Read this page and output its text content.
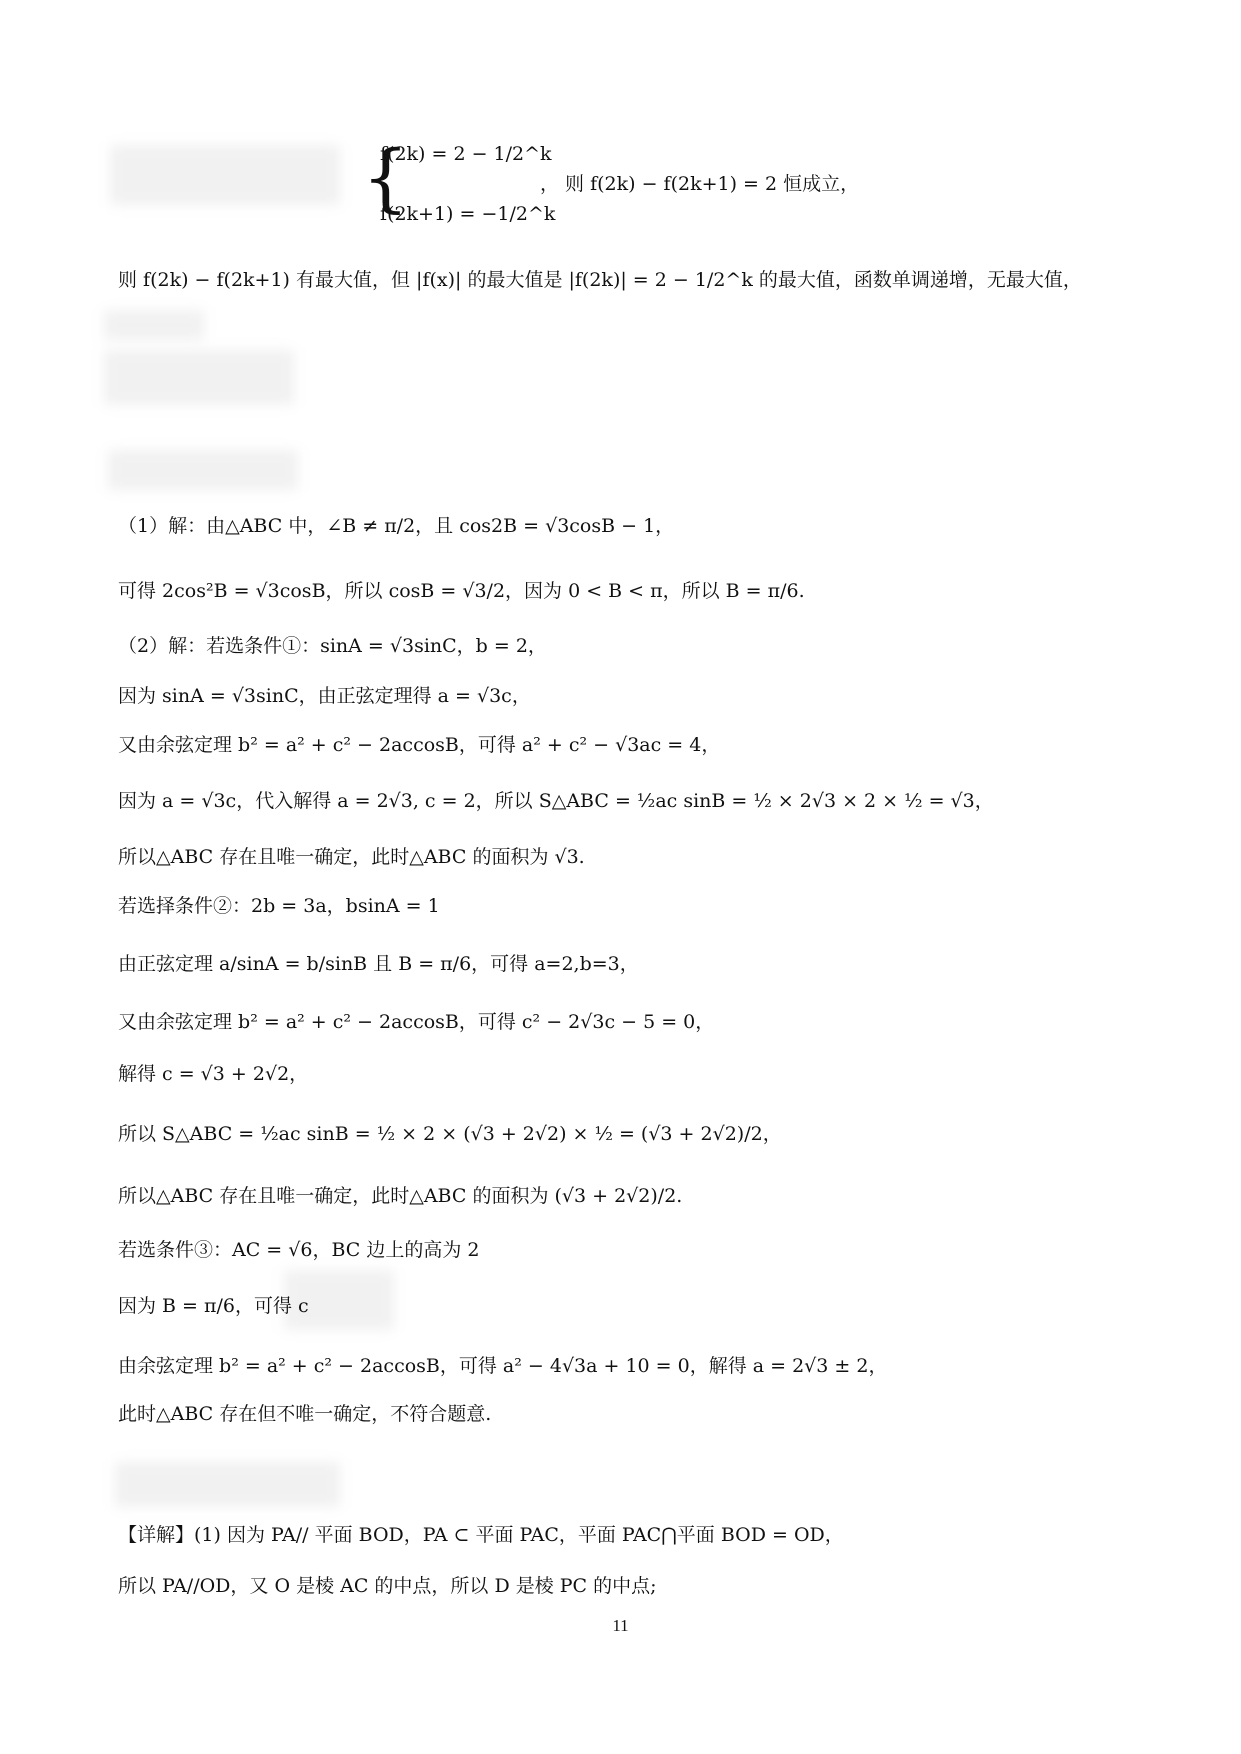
{
f(2k) = 2 − 1/2^k
f(2k+1) = −1/2^k
， 则 f(2k) − f(2k+1) = 2 恒成立，
则 f(2k) − f(2k+1) 有最大值，但 |f(x)| 的最大值是 |f(2k)| = 2 − 1/2^k 的最大值，函数单调递增，无最大值，
（1）解：由△ABC 中，∠B ≠ π/2，且 cos2B = √3cosB − 1，
可得 2cos²B = √3cosB，所以 cosB = √3/2，因为 0 < B < π，所以 B = π/6.
（2）解：若选条件①：sinA = √3sinC，b = 2，
因为 sinA = √3sinC，由正弦定理得 a = √3c，
又由余弦定理 b² = a² + c² − 2accosB，可得 a² + c² − √3ac = 4，
因为 a = √3c，代入解得 a = 2√3, c = 2，所以 S△ABC = ½ac sinB = ½ × 2√3 × 2 × ½ = √3，
所以△ABC 存在且唯一确定，此时△ABC 的面积为 √3.
若选择条件②：2b = 3a，bsinA = 1
由正弦定理 a/sinA = b/sinB 且 B = π/6，可得 a=2,b=3，
又由余弦定理 b² = a² + c² − 2accosB，可得 c² − 2√3c − 5 = 0，
解得 c = √3 + 2√2，
所以 S△ABC = ½ac sinB = ½ × 2 × (√3 + 2√2) × ½ = (√3 + 2√2)/2，
所以△ABC 存在且唯一确定，此时△ABC 的面积为 (√3 + 2√2)/2.
若选条件③：AC = √6，BC 边上的高为 2
因为 B = π/6，可得 c
由余弦定理 b² = a² + c² − 2accosB，可得 a² − 4√3a + 10 = 0，解得 a = 2√3 ± 2，
此时△ABC 存在但不唯一确定，不符合题意.
【详解】(1) 因为 PA// 平面 BOD，PA ⊂ 平面 PAC，平面 PAC⋂平面 BOD = OD，
所以 PA//OD，又 O 是棱 AC 的中点，所以 D 是棱 PC 的中点;
11
